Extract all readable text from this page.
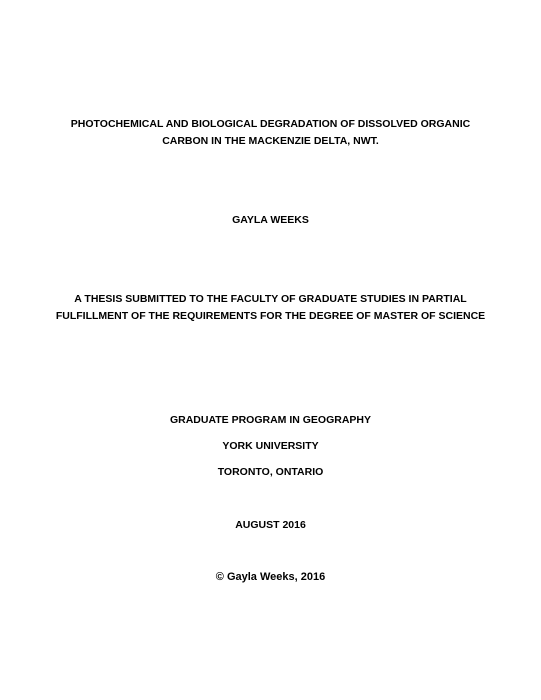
PHOTOCHEMICAL AND BIOLOGICAL DEGRADATION OF DISSOLVED ORGANIC
CARBON IN THE MACKENZIE DELTA, NWT.
GAYLA WEEKS
A THESIS SUBMITTED TO THE FACULTY OF GRADUATE STUDIES IN PARTIAL
FULFILLMENT OF THE REQUIREMENTS FOR THE DEGREE OF MASTER OF SCIENCE
GRADUATE PROGRAM IN GEOGRAPHY
YORK UNIVERSITY
TORONTO, ONTARIO
AUGUST 2016
© Gayla Weeks, 2016
